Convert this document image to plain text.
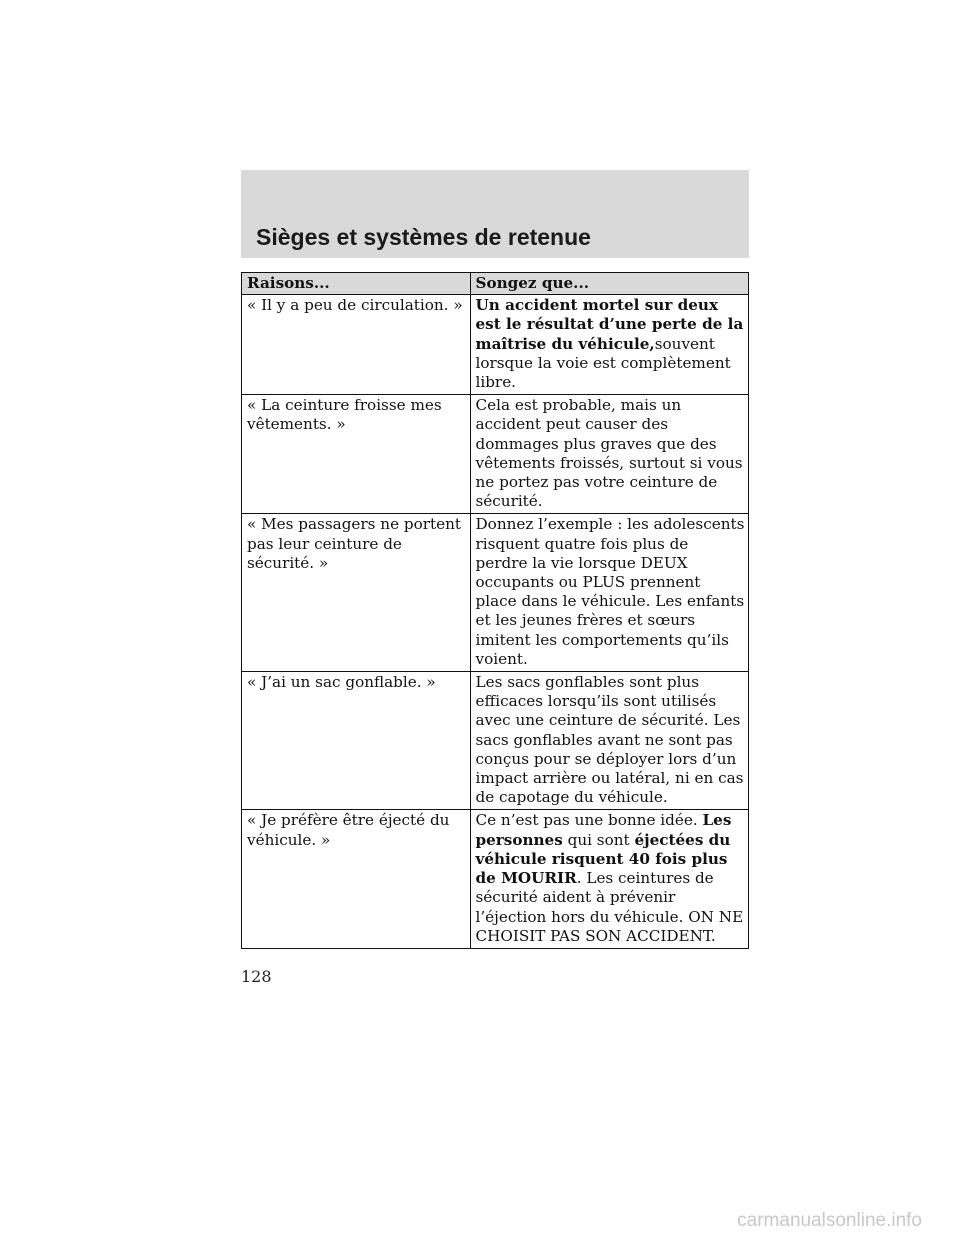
Sièges et systèmes de retenue
Raisons...	Songez que...
« Il y a peu de circulation. »	Un accident mortel sur deux est le résultat d’une perte de la maîtrise du véhicule,souvent lorsque la voie est complètement libre.
« La ceinture froisse mes vêtements. »	Cela est probable, mais un accident peut causer des dommages plus graves que des vêtements froissés, surtout si vous ne portez pas votre ceinture de sécurité.
« Mes passagers ne portent pas leur ceinture de sécurité. »	Donnez l’exemple : les adolescents risquent quatre fois plus de perdre la vie lorsque DEUX occupants ou PLUS prennent place dans le véhicule. Les enfants et les jeunes frères et sœurs imitent les comportements qu’ils voient.
« J’ai un sac gonflable. »	Les sacs gonflables sont plus efficaces lorsqu’ils sont utilisés avec une ceinture de sécurité. Les sacs gonflables avant ne sont pas conçus pour se déployer lors d’un impact arrière ou latéral, ni en cas de capotage du véhicule.
« Je préfère être éjecté du véhicule. »	Ce n’est pas une bonne idée. Les personnes qui sont éjectées du véhicule risquent 40 fois plus de MOURIR. Les ceintures de sécurité aident à prévenir l’éjection hors du véhicule. ON NE CHOISIT PAS SON ACCIDENT.
128
carmanualsonline.info
